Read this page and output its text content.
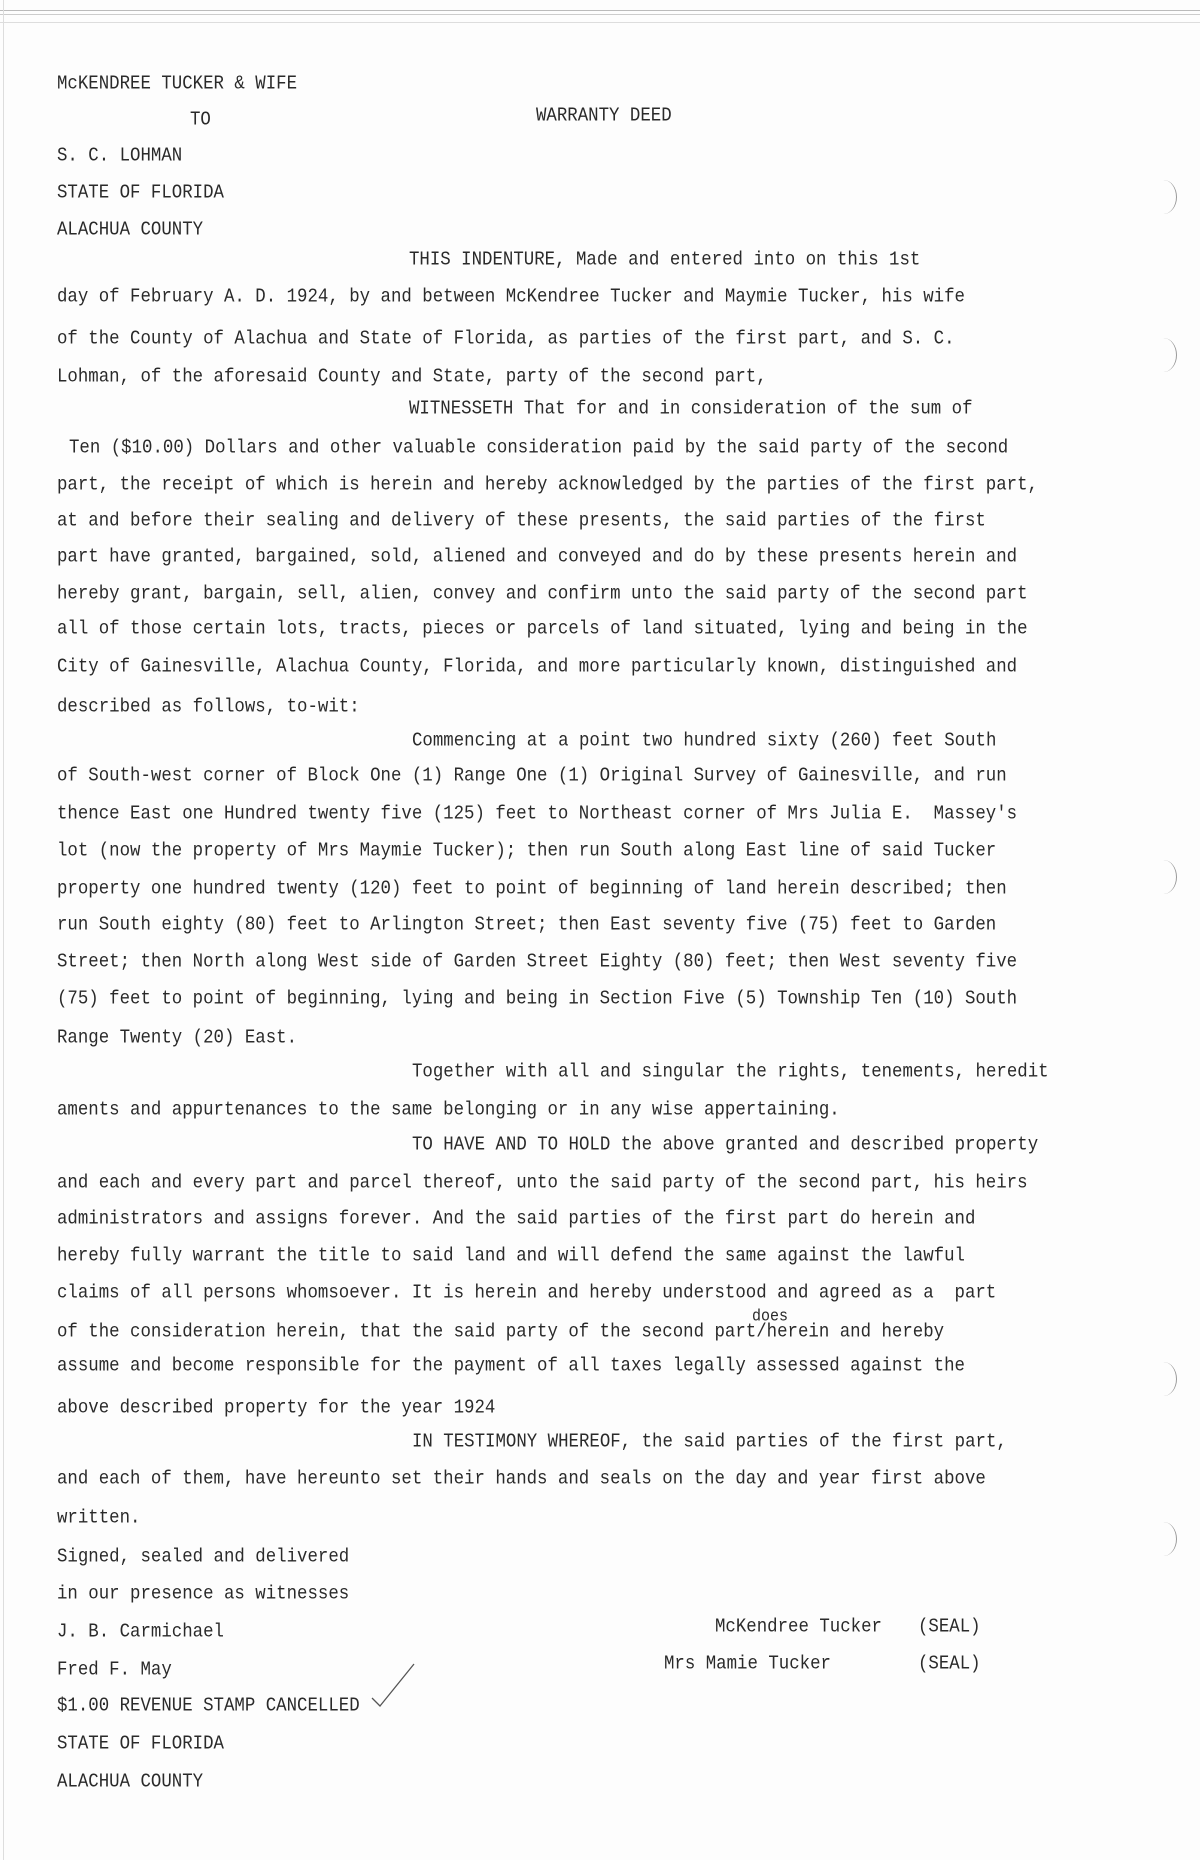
McKENDREE TUCKER & WIFE
TO	WARRANTY DEED
S. C. LOHMAN
STATE OF FLORIDA
ALACHUA COUNTY
THIS INDENTURE, Made and entered into on this 1st
day of February A. D. 1924, by and between McKendree Tucker and Maymie Tucker, his wife
of the County of Alachua and State of Florida, as parties of the first part, and S. C.
Lohman, of the aforesaid County and State, party of the second part,
WITNESSETH That for and in consideration of the sum of
Ten ($10.00) Dollars and other valuable consideration paid by the said party of the second
part, the receipt of which is herein and hereby acknowledged by the parties of the first part,
at and before their sealing and delivery of these presents, the said parties of the first
part have granted, bargained, sold, aliened and conveyed and do by these presents herein and
hereby grant, bargain, sell, alien, convey and confirm unto the said party of the second part
all of those certain lots, tracts, pieces or parcels of land situated, lying and being in the
City of Gainesville, Alachua County, Florida, and more particularly known, distinguished and
described as follows, to-wit:
Commencing at a point two hundred sixty (260) feet South
of South-west corner of Block One (1) Range One (1) Original Survey of Gainesville, and run
thence East one Hundred twenty five (125) feet to Northeast corner of Mrs Julia E.  Massey's
lot (now the property of Mrs Maymie Tucker); then run South along East line of said Tucker
property one hundred twenty (120) feet to point of beginning of land herein described; then
run South eighty (80) feet to Arlington Street; then East seventy five (75) feet to Garden
Street; then North along West side of Garden Street Eighty (80) feet; then West seventy five
(75) feet to point of beginning, lying and being in Section Five (5) Township Ten (10) South
Range Twenty (20) East.
Together with all and singular the rights, tenements, heredit
aments and appurtenances to the same belonging or in any wise appertaining.
TO HAVE AND TO HOLD the above granted and described property
and each and every part and parcel thereof, unto the said party of the second part, his heirs
administrators and assigns forever. And the said parties of the first part do herein and
hereby fully warrant the title to said land and will defend the same against the lawful
claims of all persons whomsoever. It is herein and hereby understood and agreed as a  part
does
of the consideration herein, that the said party of the second part/herein and hereby
assume and become responsible for the payment of all taxes legally assessed against the
above described property for the year 1924
IN TESTIMONY WHEREOF, the said parties of the first part,
and each of them, have hereunto set their hands and seals on the day and year first above
written.
Signed, sealed and delivered
in our presence as witnesses
J. B. Carmichael	McKendree Tucker (SEAL)
Fred F. May	Mrs Mamie Tucker	(SEAL)
$1.00 REVENUE STAMP CANCELLED
STATE OF FLORIDA
ALACHUA COUNTY
